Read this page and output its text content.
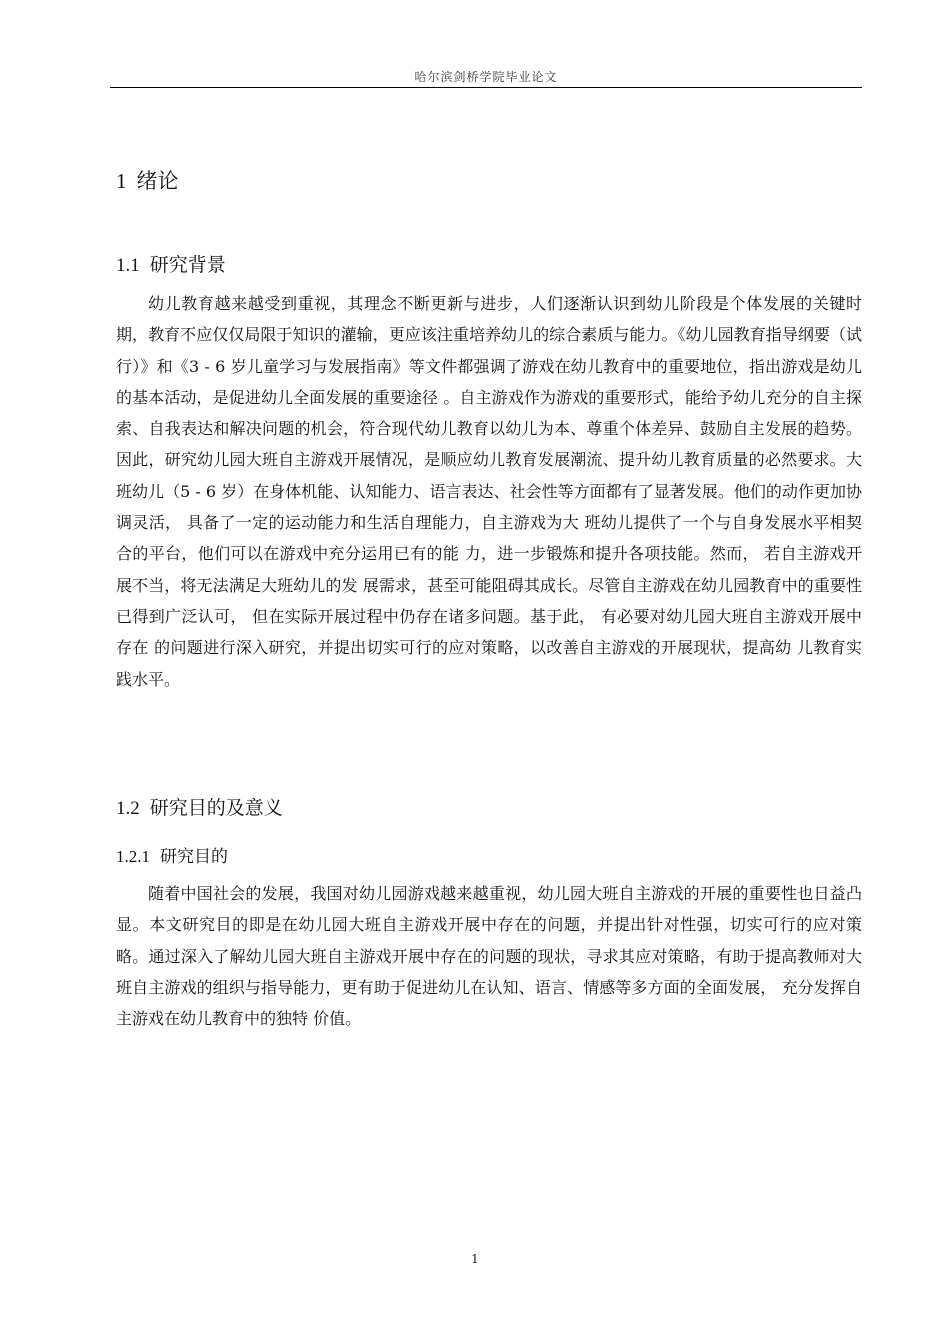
哈尔滨剑桥学院毕业论文
1 绪论
1.1 研究背景

幼儿教育越来越受到重视，其理念不断更新与进步，人们逐渐认识到幼儿阶段是个体发展的关键时期，教育不应仅仅局限于知识的灌输，更应该注重培养幼儿的综合素质与能力。《幼儿园教育指导纲要（试行）》和《3 - 6 岁儿童学习与发展指南》等文件都强调了游戏在幼儿教育中的重要地位，指出游戏是幼儿的基本活动，是促进幼儿全面发展的重要途径 。自主游戏作为游戏的重要形式，能给予幼儿充分的自主探索、自我表达和解决问题的机会，符合现代幼儿教育以幼儿为本、尊重个体差异、鼓励自主发展的趋势。因此，研究幼儿园大班自主游戏开展情况，是顺应幼儿教育发展潮流、提升幼儿教育质量的必然要求。大班幼儿（5 - 6 岁）在身体机能、认知能力、语言表达、社会性等方面都有了显著发展。他们的动作更加协调灵活， 具备了一定的运动能力和生活自理能力，自主游戏为大 班幼儿提供了一个与自身发展水平相契合的平台，他们可以在游戏中充分运用已有的能 力，进一步锻炼和提升各项技能。然而， 若自主游戏开展不当，将无法满足大班幼儿的发 展需求，甚至可能阻碍其成长。尽管自主游戏在幼儿园教育中的重要性已得到广泛认可， 但在实际开展过程中仍存在诸多问题。基于此， 有必要对幼儿园大班自主游戏开展中存在 的问题进行深入研究，并提出切实可行的应对策略，以改善自主游戏的开展现状，提高幼 儿教育实践水平。

1.2 研究目的及意义
1.2.1 研究目的

随着中国社会的发展，我国对幼儿园游戏越来越重视，幼儿园大班自主游戏的开展的重要性也日益凸显。本文研究目的即是在幼儿园大班自主游戏开展中存在的问题，并提出针对性强，切实可行的应对策略。通过深入了解幼儿园大班自主游戏开展中存在的问题的现状，寻求其应对策略，有助于提高教师对大班自主游戏的组织与指导能力，更有助于促进幼儿在认知、语言、情感等多方面的全面发展， 充分发挥自主游戏在幼儿教育中的独特 价值。

1
